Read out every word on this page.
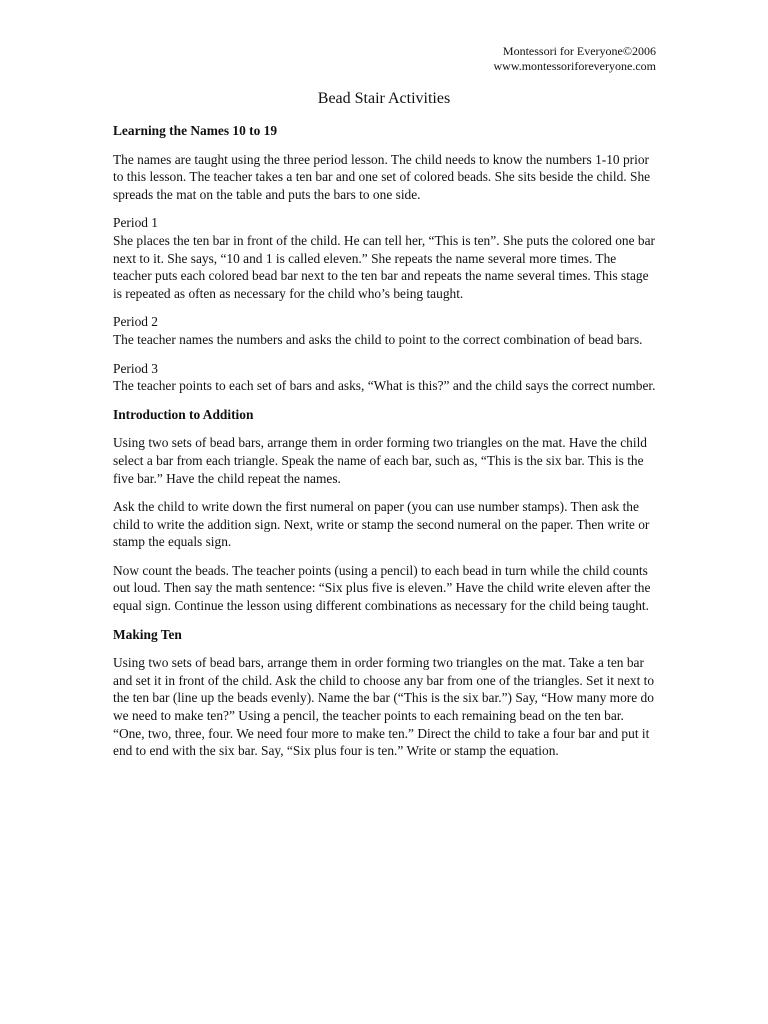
Montessori for Everyone©2006
www.montessoriforeveryone.com
Bead Stair Activities
Learning the Names 10 to 19

The names are taught using the three period lesson. The child needs to know the numbers 1-10 prior to this lesson. The teacher takes a ten bar and one set of colored beads. She sits beside the child. She spreads the mat on the table and puts the bars to one side.

Period 1
She places the ten bar in front of the child. He can tell her, “This is ten”. She puts the colored one bar next to it. She says, “10 and 1 is called eleven.” She repeats the name several more times. The teacher puts each colored bead bar next to the ten bar and repeats the name several times. This stage is repeated as often as necessary for the child who’s being taught.

Period 2
The teacher names the numbers and asks the child to point to the correct combination of bead bars.

Period 3
The teacher points to each set of bars and asks, “What is this?” and the child says the correct number.

Introduction to Addition

Using two sets of bead bars, arrange them in order forming two triangles on the mat. Have the child select a bar from each triangle. Speak the name of each bar, such as, “This is the six bar. This is the five bar.” Have the child repeat the names.

Ask the child to write down the first numeral on paper (you can use number stamps). Then ask the child to write the addition sign. Next, write or stamp the second numeral on the paper. Then write or stamp the equals sign.

Now count the beads. The teacher points (using a pencil) to each bead in turn while the child counts out loud. Then say the math sentence: “Six plus five is eleven.” Have the child write eleven after the equal sign. Continue the lesson using different combinations as necessary for the child being taught.

Making Ten

Using two sets of bead bars, arrange them in order forming two triangles on the mat. Take a ten bar and set it in front of the child. Ask the child to choose any bar from one of the triangles. Set it next to the ten bar (line up the beads evenly). Name the bar (“This is the six bar.”) Say, “How many more do we need to make ten?” Using a pencil, the teacher points to each remaining bead on the ten bar. “One, two, three, four. We need four more to make ten.” Direct the child to take a four bar and put it end to end with the six bar. Say, “Six plus four is ten.” Write or stamp the equation.
